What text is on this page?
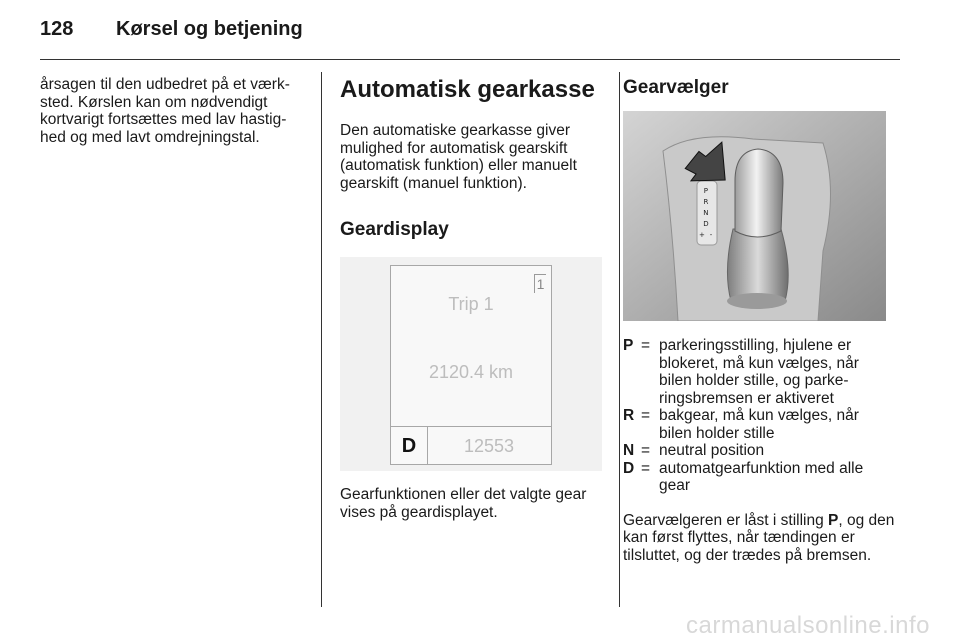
128 Kørsel og betjening

årsagen til den udbedret på et værk-sted. Kørslen kan om nødvendigt kortvarigt fortsættes med lav hastig-hed og med lavt omdrejningstal.

Automatisk gearkasse

Den automatiske gearkasse giver mulighed for automatisk gearskift (automatisk funktion) eller manuelt gearskift (manuel funktion).

Geardisplay
1
Trip 1
2120.4 km
D	12553

Gearfunktionen eller det valgte gear vises på geardisplayet.

Gearvælger
P R N D + -
P = parkeringsstilling, hjulene er blokeret, må kun vælges, når bilen holder stille, og parke-ringsbremsen er aktiveret
R = bakgear, må kun vælges, når bilen holder stille
N = neutral position
D = automatgearfunktion med alle gear

Gearvælgeren er låst i stilling P, og den kan først flyttes, når tændingen er tilsluttet, og der trædes på bremsen.

carmanualsonline.info
